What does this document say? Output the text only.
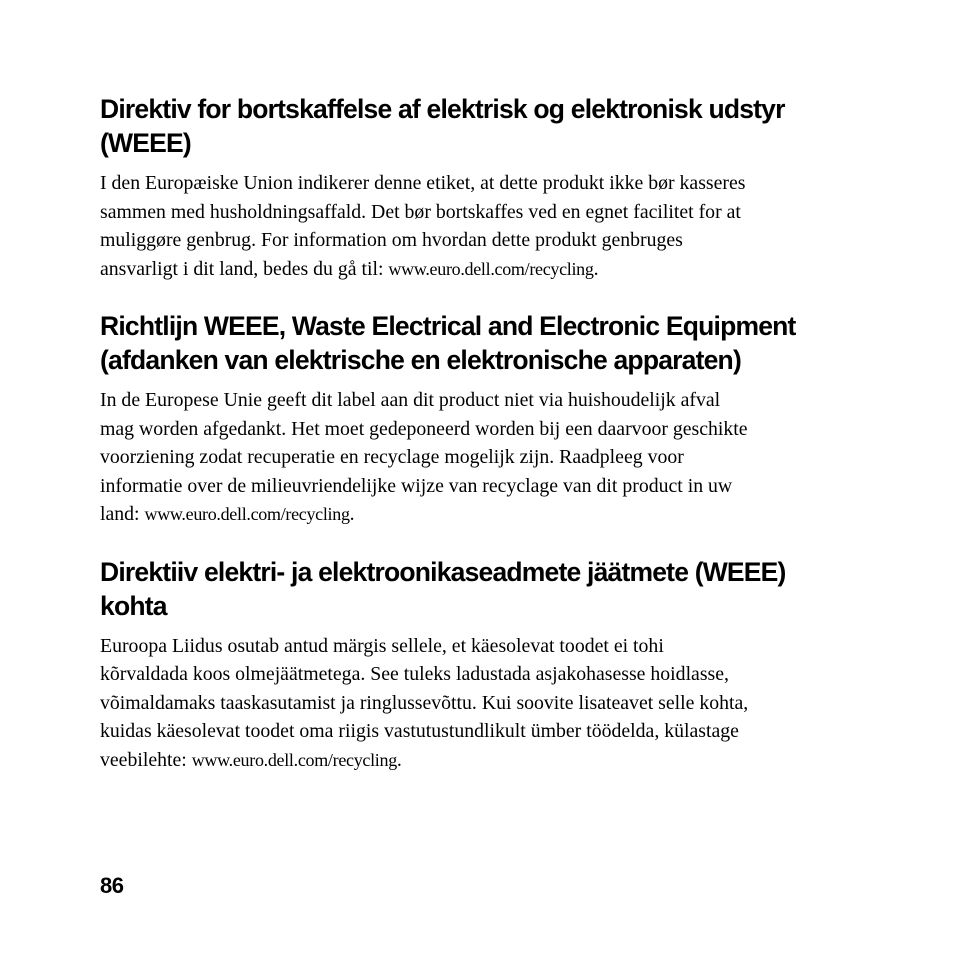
Direktiv for bortskaffelse af elektrisk og elektronisk udstyr
(WEEE)

I den Europæiske Union indikerer denne etiket, at dette produkt ikke bør kasseres
sammen med husholdningsaffald. Det bør bortskaffes ved en egnet facilitet for at
muliggøre genbrug. For information om hvordan dette produkt genbruges
ansvarligt i dit land, bedes du gå til: www.euro.dell.com/recycling.

Richtlijn WEEE, Waste Electrical and Electronic Equipment
(afdanken van elektrische en elektronische apparaten)

In de Europese Unie geeft dit label aan dit product niet via huishoudelijk afval
mag worden afgedankt. Het moet gedeponeerd worden bij een daarvoor geschikte
voorziening zodat recuperatie en recyclage mogelijk zijn. Raadpleeg voor
informatie over de milieuvriendelijke wijze van recyclage van dit product in uw
land: www.euro.dell.com/recycling.

Direktiiv elektri- ja elektroonikaseadmete jäätmete (WEEE)
kohta

Euroopa Liidus osutab antud märgis sellele, et käesolevat toodet ei tohi
kõrvaldada koos olmejäätmetega. See tuleks ladustada asjakohasesse hoidlasse,
võimaldamaks taaskasutamist ja ringlussevõttu. Kui soovite lisateavet selle kohta,
kuidas käesolevat toodet oma riigis vastutustundlikult ümber töödelda, külastage
veebilehte: www.euro.dell.com/recycling.

86
